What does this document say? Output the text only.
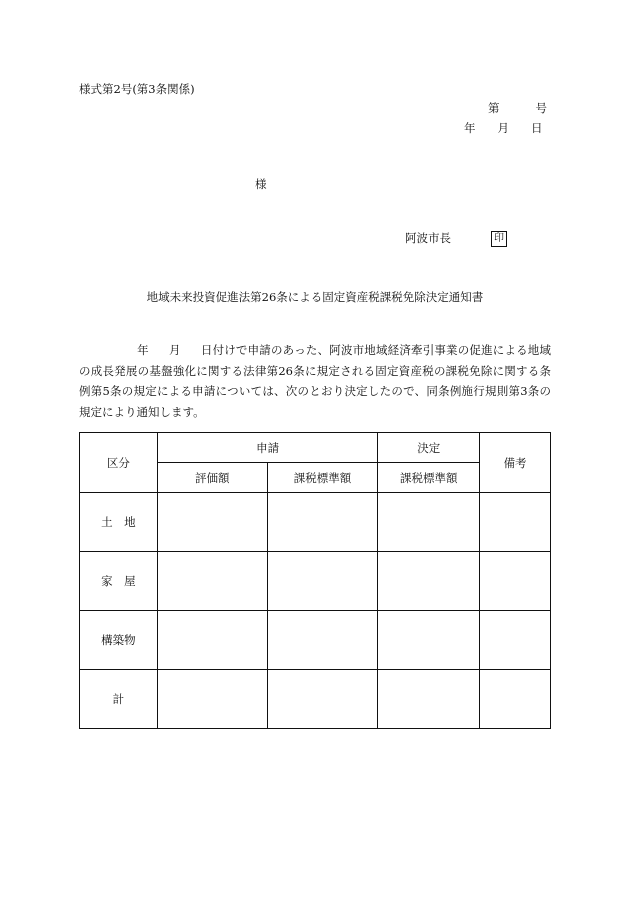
様式第2号(第3条関係)
第	号
年 月 日
様
阿波市長	印
地域未来投資促進法第26条による固定資産税課税免除決定通知書
年 月 日付けで申請のあった、阿波市地域経済牽引事業の促進による地域の成長発展の基盤強化に関する法律第26条に規定される固定資産税の課税免除に関する条例第5条の規定による申請については、次のとおり決定したので、同条例施行規則第3条の規定により通知します。
区分	申請		決定	備考
	評価額	課税標準額	課税標準額	
土　地				
家　屋				
構築物				
計				
